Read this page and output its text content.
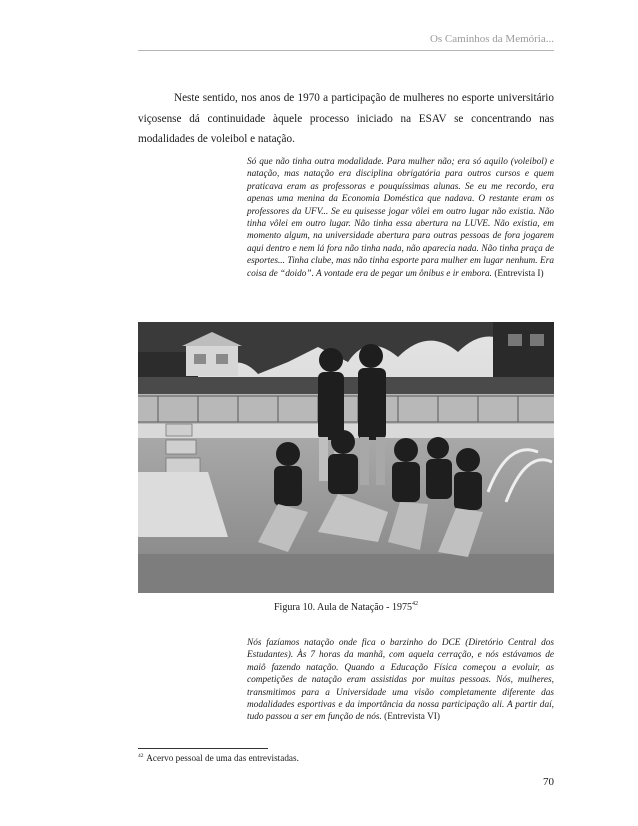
Os Caminhos da Memória...

Neste sentido, nos anos de 1970 a participação de mulheres no esporte universitário viçosense dá continuidade àquele processo iniciado na ESAV se concentrando nas modalidades de voleibol e natação.

Só que não tinha outra modalidade. Para mulher não; era só aquilo (voleibol) e natação, mas natação era disciplina obrigatória para outros cursos e quem praticava eram as professoras e pouquíssimas alunas. Se eu me recordo, era apenas uma menina da Economia Doméstica que nadava. O restante eram os professores da UFV... Se eu quisesse jogar vôlei em outro lugar não existia. Não tinha vôlei em outro lugar. Não tinha essa abertura na LUVE. Não existia, em momento algum, na universidade abertura para outras pessoas de fora jogarem aqui dentro e nem lá fora não tinha nada, não aparecia nada. Não tinha praça de esportes... Tinha clube, mas não tinha esporte para mulher em lugar nenhum. Era coisa de “doido”. A vontade era de pegar um ônibus e ir embora. (Entrevista I)

Figura 10. Aula de Natação - 1975$^{42}$

Nós fazíamos natação onde fica o barzinho do DCE (Diretório Central dos Estudantes). Às 7 horas da manhã, com aquela cerração, e nós estávamos de maiô fazendo natação. Quando a Educação Física começou a evoluir, as competições de natação eram assistidas por muitas pessoas. Nós, mulheres, transmitimos para a Universidade uma visão completamente diferente das modalidades esportivas e da importância da nossa participação ali. A partir daí, tudo passou a ser em função de nós. (Entrevista VI)

$^{42}$ Acervo pessoal de uma das entrevistadas.
70
